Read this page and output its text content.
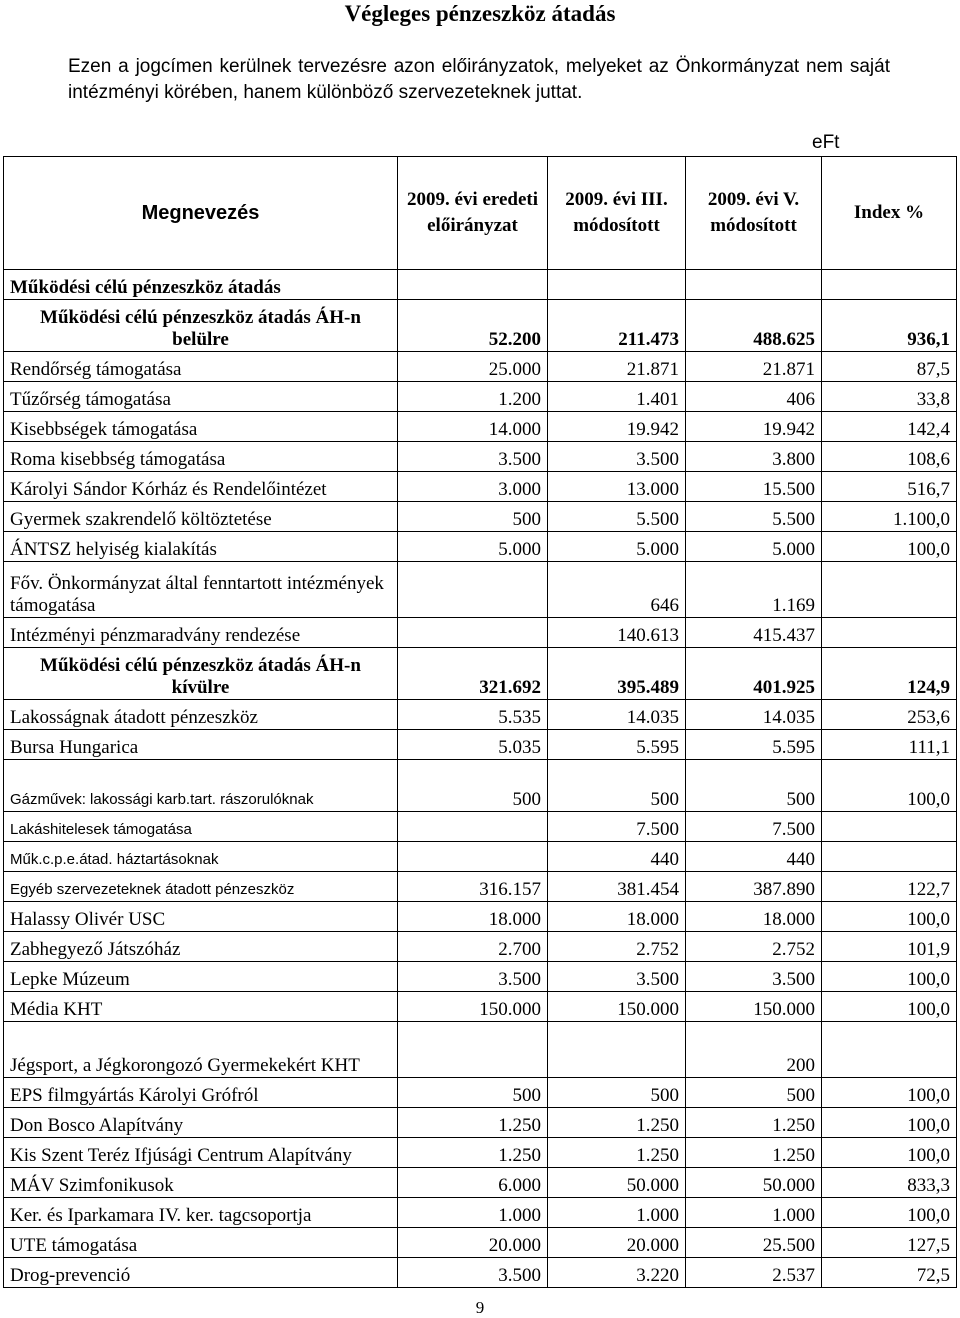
Végleges pénzeszköz átadás
Ezen a jogcímen kerülnek tervezésre azon előirányzatok, melyeket az Önkormányzat nem saját intézményi körében, hanem különböző szervezeteknek juttat.
eFt
Megnevezés	2009. évi eredeti előirányzat	2009. évi III. módosított	2009. évi V. módosított	Index %
Működési célú pénzeszköz átadás				
Működési célú pénzeszköz átadás ÁH-n belülre	52.200	211.473	488.625	936,1
Rendőrség támogatása	25.000	21.871	21.871	87,5
Tűzőrség támogatása	1.200	1.401	406	33,8
Kisebbségek támogatása	14.000	19.942	19.942	142,4
Roma kisebbség támogatása	3.500	3.500	3.800	108,6
Károlyi Sándor Kórház és Rendelőintézet	3.000	13.000	15.500	516,7
Gyermek szakrendelő költöztetése	500	5.500	5.500	1.100,0
ÁNTSZ helyiség kialakítás	5.000	5.000	5.000	100,0
Főv. Önkormányzat által fenntartott intézmények támogatása		646	1.169	
Intézményi pénzmaradvány rendezése		140.613	415.437	
Működési célú pénzeszköz átadás ÁH-n kívülre	321.692	395.489	401.925	124,9
Lakosságnak átadott pénzeszköz	5.535	14.035	14.035	253,6
Bursa Hungarica	5.035	5.595	5.595	111,1
Gázművek: lakossági karb.tart. rászorulóknak	500	500	500	100,0
Lakáshitelesek támogatása		7.500	7.500	
Műk.c.p.e.átad. háztartásoknak		440	440	
Egyéb szervezeteknek átadott pénzeszköz	316.157	381.454	387.890	122,7
Halassy Olivér USC	18.000	18.000	18.000	100,0
Zabhegyező Játszóház	2.700	2.752	2.752	101,9
Lepke Múzeum	3.500	3.500	3.500	100,0
Média KHT	150.000	150.000	150.000	100,0
Jégsport, a Jégkorongozó Gyermekekért KHT			200	
EPS filmgyártás Károlyi Grófról	500	500	500	100,0
Don Bosco Alapítvány	1.250	1.250	1.250	100,0
Kis Szent Teréz Ifjúsági Centrum Alapítvány	1.250	1.250	1.250	100,0
MÁV Szimfonikusok	6.000	50.000	50.000	833,3
Ker. és Iparkamara IV. ker. tagcsoportja	1.000	1.000	1.000	100,0
UTE támogatása	20.000	20.000	25.500	127,5
Drog-prevenció	3.500	3.220	2.537	72,5
9
